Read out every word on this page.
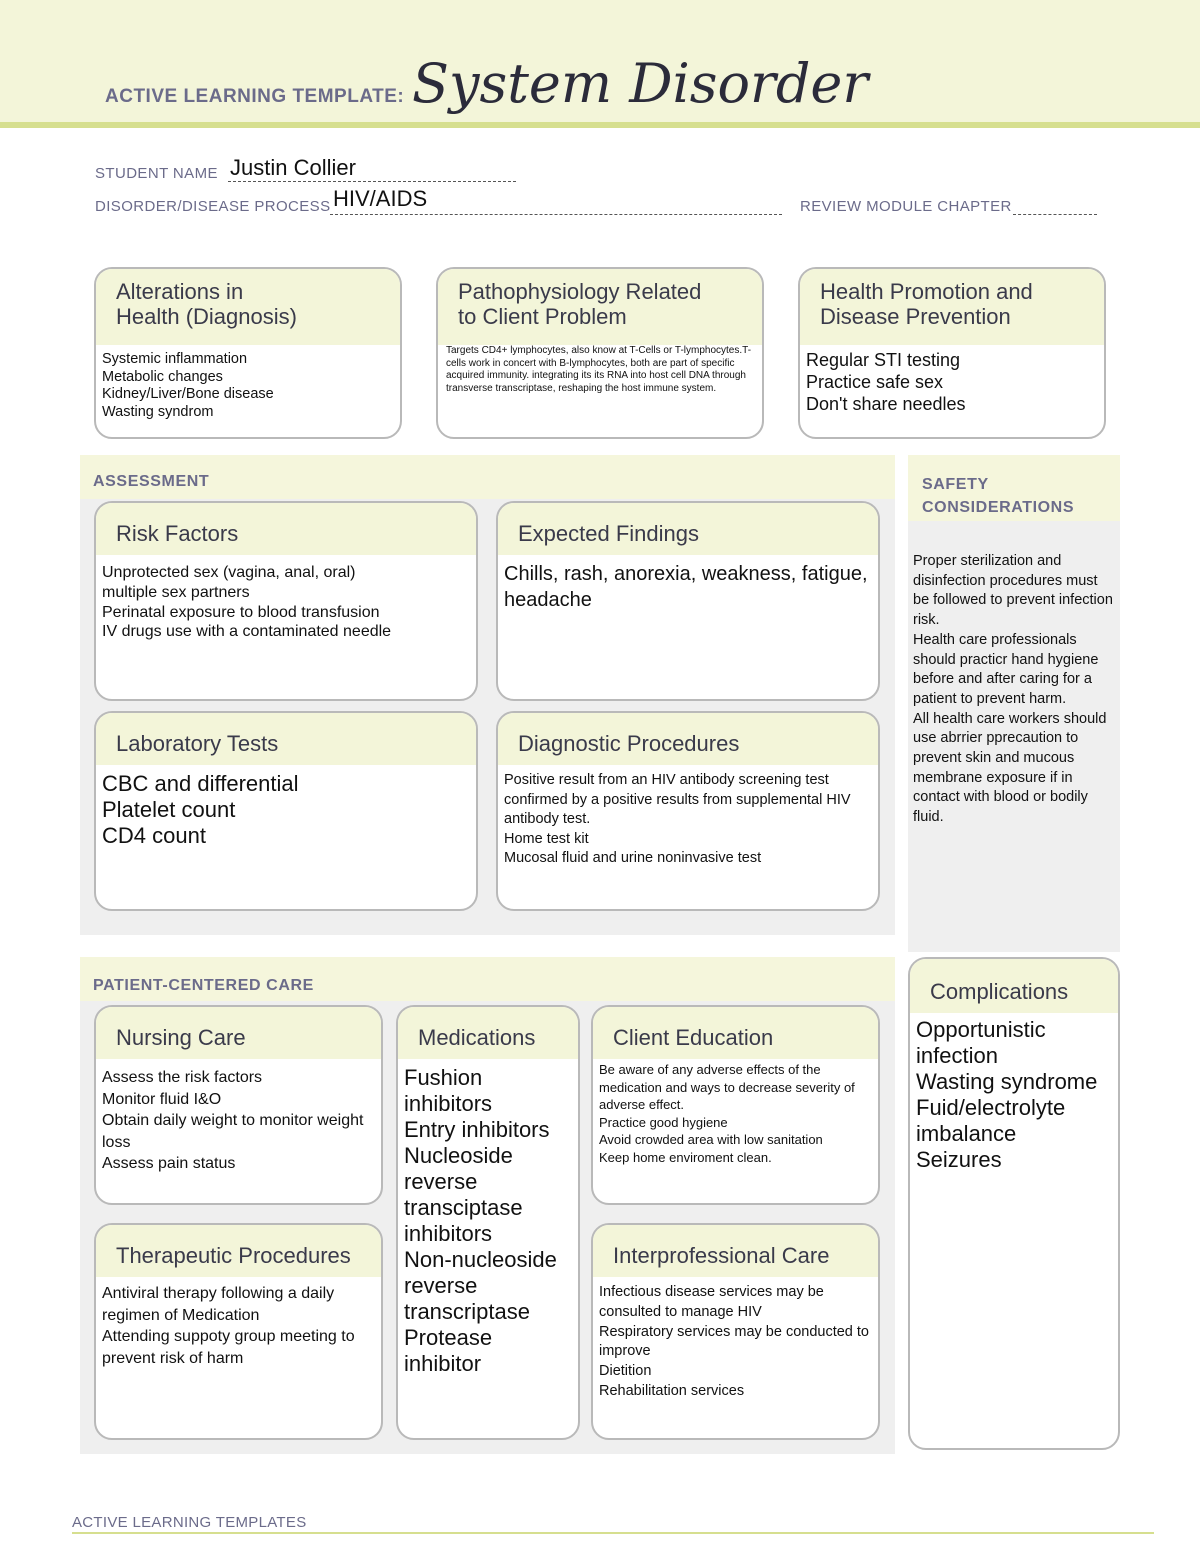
ACTIVE LEARNING TEMPLATE: System Disorder
STUDENT NAME Justin Collier
DISORDER/DISEASE PROCESS HIV/AIDS	REVIEW MODULE CHAPTER
Alterations in
Health (Diagnosis)
Systemic inflammation
Metabolic changes
Kidney/Liver/Bone disease
Wasting syndrom
Pathophysiology Related
to Client Problem
Targets CD4+ lymphocytes, also know at T-Cells or T-lymphocytes.T-cells work in concert with B-lymphocytes, both are part of specific acquired immunity. integrating its its RNA into host cell DNA through transverse transcriptase, reshaping the host immune system.
Health Promotion and
Disease Prevention
Regular STI testing
Practice safe sex
Don't share needles
ASSESSMENT
Risk Factors
Unprotected sex (vagina, anal, oral)
multiple sex partners
Perinatal exposure to blood transfusion
IV drugs use with a contaminated needle
Expected Findings
Chills, rash, anorexia, weakness, fatigue, headache
Laboratory Tests
CBC and differential
Platelet count
CD4 count
Diagnostic Procedures
Positive result from an HIV antibody screening test confirmed by a positive results from supplemental HIV antibody test.
Home test kit
Mucosal fluid and urine noninvasive test
SAFETY
CONSIDERATIONS
Proper sterilization and disinfection procedures must be followed to prevent infection risk.
Health care professionals should practicr hand hygiene before and after caring for a patient to prevent harm.
All health care workers should use abrrier pprecaution to prevent skin and mucous membrane exposure if in contact with blood or bodily fluid.
PATIENT-CENTERED CARE
Nursing Care
Assess the risk factors
Monitor fluid I&O
Obtain daily weight to monitor weight loss
Assess pain status
Medications
Fushion inhibitors
Entry inhibitors
Nucleoside reverse transciptase inhibitors
Non-nucleoside reverse transcriptase
Protease inhibitor
Client Education
Be aware of any adverse effects of the medication and ways to decrease severity of adverse effect.
Practice good hygiene
Avoid crowded area with low sanitation
Keep home enviroment clean.
Therapeutic Procedures
Antiviral therapy following a daily regimen of Medication
Attending suppoty group meeting to prevent risk of harm
Interprofessional Care
Infectious disease services may be consulted to manage HIV
Respiratory services may be conducted to improve
Dietition
Rehabilitation services
Complications
Opportunistic infection
Wasting syndrome
Fuid/electrolyte imbalance
Seizures
ACTIVE LEARNING TEMPLATES
